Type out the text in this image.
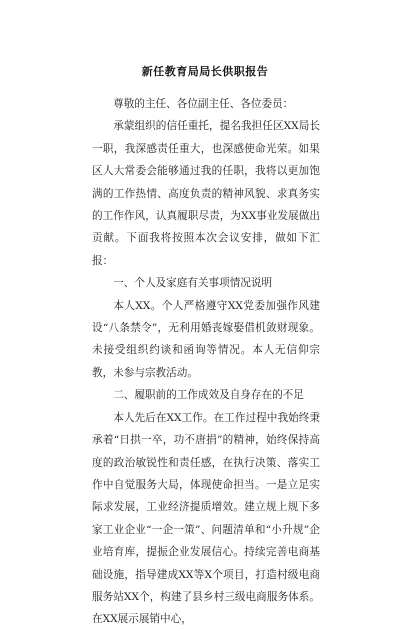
新任教育局局长供职报告

尊敬的主任、各位副主任、各位委员：

承蒙组织的信任重托，提名我担任区XX局长一职，我深感责任重大，也深感使命光荣。如果区人大常委会能够通过我的任职，我将以更加饱满的工作热情、高度负责的精神风貌、求真务实的工作作风，认真履职尽责，为XX事业发展做出贡献。下面我将按照本次会议安排，做如下汇报：

一、个人及家庭有关事项情况说明

本人XX。个人严格遵守XX党委加强作风建设“八条禁令”，无利用婚丧嫁娶借机敛财现象。未接受组织约谈和函询等情况。本人无信仰宗教，未参与宗教活动。

二、履职前的工作成效及自身存在的不足

本人先后在XX工作。在工作过程中我始终秉承着“日拱一卒，功不唐捐”的精神，始终保持高度的政治敏锐性和责任感，在执行决策、落实工作中自觉服务大局，体现使命担当。一是立足实际求发展，工业经济提质增效。建立规上规下多家工业企业“一企一策”、问题清单和“小升规”企业培育库，提振企业发展信心。持续完善电商基础设施，指导建成XX等X个项目，打造村级电商服务站XX个，构建了县乡村三级电商服务体系。在XX展示展销中心，
